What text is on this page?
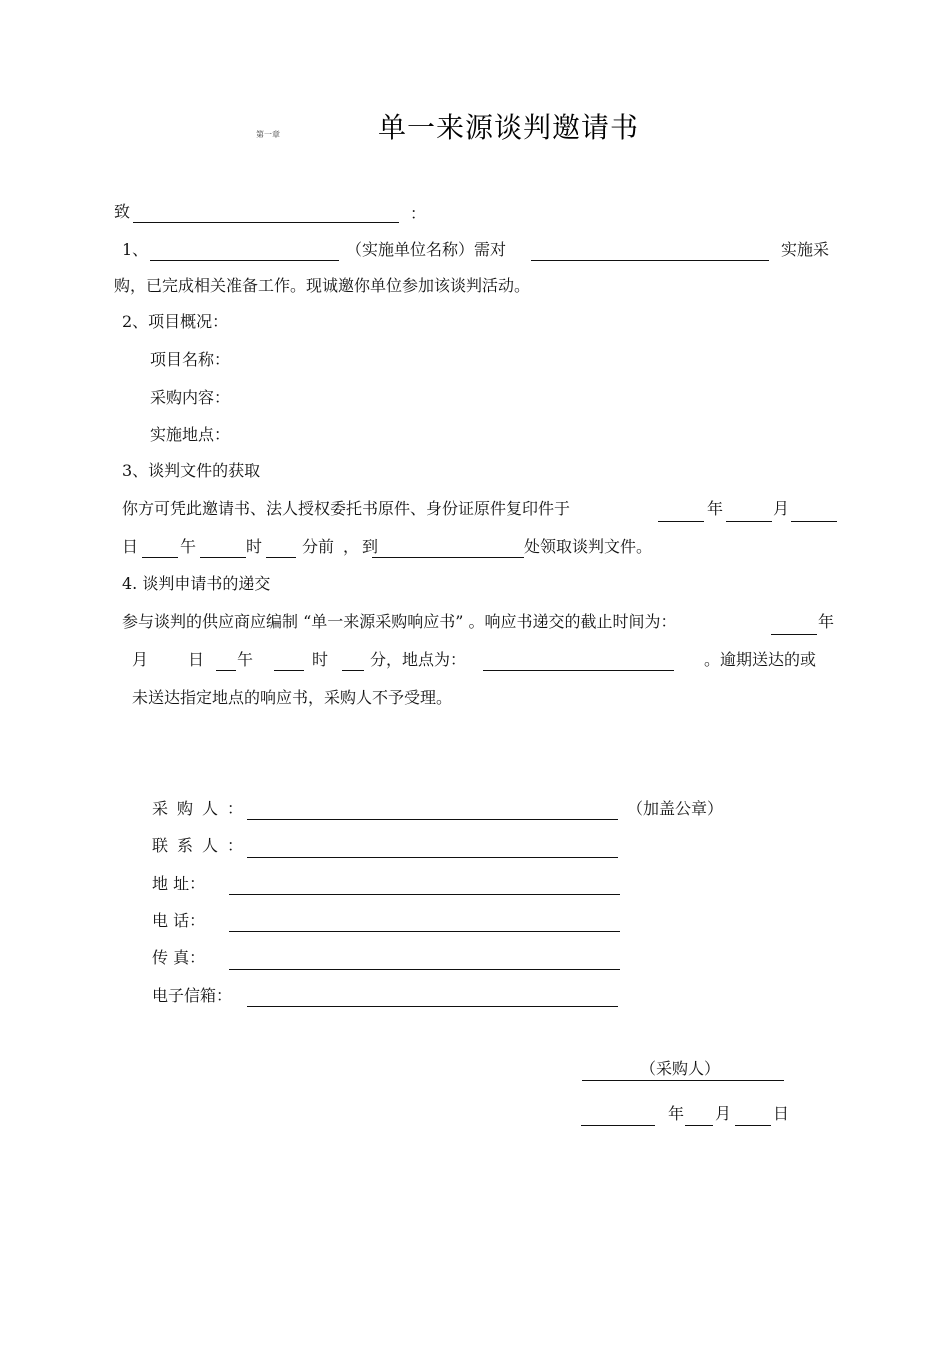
第一章	单一来源谈判邀请书
致	：
1、	（实施单位名称）需对	实施采
购，已完成相关准备工作。现诚邀你单位参加该谈判活动。
2、项目概况：
项目名称：
采购内容：
实施地点：
3、谈判文件的获取
你方可凭此邀请书、法人授权委托书原件、身份证原件复印件于	年	月
日	午	时 分前 ， 到	处领取谈判文件。
4. 谈判申请书的递交
参与谈判的供应商应编制 “单一来源采购响应书” 。响应书递交的截止时间为：	年
月 日 午	时	分，地点为：	。逾期送达的或
未送达指定地点的响应书，采购人不予受理。
采购人：	（加盖公章）
联系人：
地 址：
电 话：
传 真：
电子信箱：
（采购人）
年 月	日
